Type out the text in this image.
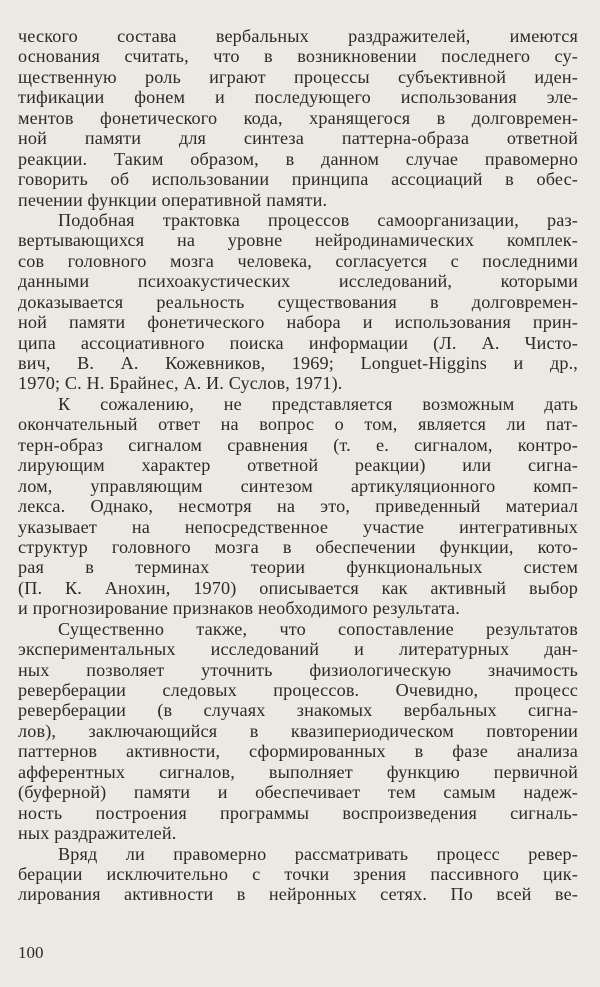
ческого состава вербальных раздражителей, имеются
основания считать, что в возникновении последнего су-
щественную роль играют процессы субъективной иден-
тификации фонем и последующего использования эле-
ментов фонетического кода, хранящегося в долговремен-
ной памяти для синтеза паттерна-образа ответной
реакции. Таким образом, в данном случае правомерно
говорить об использовании принципа ассоциаций в обес-
печении функции оперативной памяти.
Подобная трактовка процессов самоорганизации, раз-
вертывающихся на уровне нейродинамических комплек-
сов головного мозга человека, согласуется с последними
данными психоакустических исследований, которыми
доказывается реальность существования в долговремен-
ной памяти фонетического набора и использования прин-
ципа ассоциативного поиска информации (Л. А. Чисто-
вич, В. А. Кожевников, 1969; Longuet-Higgins и др.,
1970; С. Н. Брайнес, А. И. Суслов, 1971).
К сожалению, не представляется возможным дать
окончательный ответ на вопрос о том, является ли пат-
терн-образ сигналом сравнения (т. е. сигналом, контро-
лирующим характер ответной реакции) или сигна-
лом, управляющим синтезом артикуляционного комп-
лекса. Однако, несмотря на это, приведенный материал
указывает на непосредственное участие интегративных
структур головного мозга в обеспечении функции, кото-
рая в терминах теории функциональных систем
(П. К. Анохин, 1970) описывается как активный выбор
и прогнозирование признаков необходимого результата.
Существенно также, что сопоставление результатов
экспериментальных исследований и литературных дан-
ных позволяет уточнить физиологическую значимость
реверберации следовых процессов. Очевидно, процесс
реверберации (в случаях знакомых вербальных сигна-
лов), заключающийся в квазипериодическом повторении
паттернов активности, сформированных в фазе анализа
афферентных сигналов, выполняет функцию первичной
(буферной) памяти и обеспечивает тем самым надеж-
ность построения программы воспроизведения сигналь-
ных раздражителей.
Вряд ли правомерно рассматривать процесс ревер-
берации исключительно с точки зрения пассивного цик-
лирования активности в нейронных сетях. По всей ве-
100
